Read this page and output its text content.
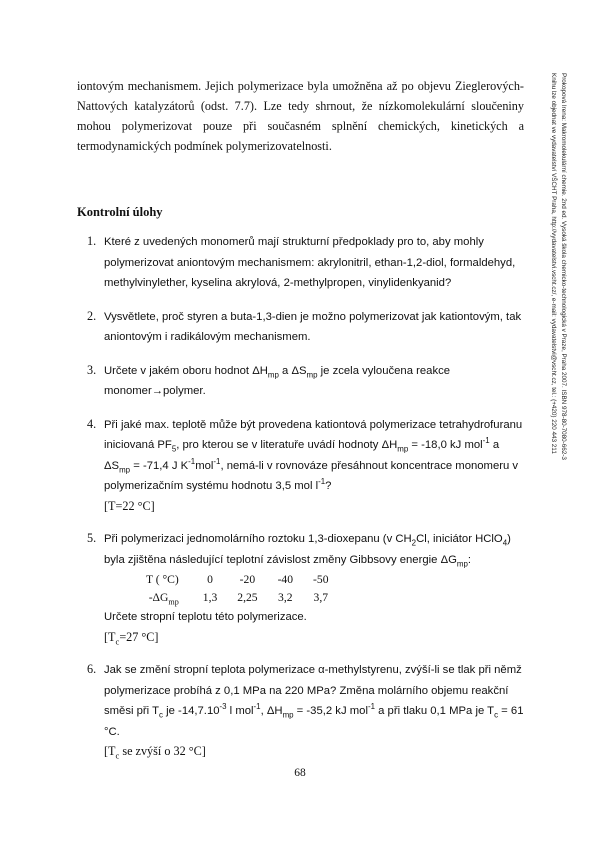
iontovým mechanismem. Jejich polymerizace byla umožněna až po objevu Zieglerových-Nattových katalyzátorů (odst. 7.7). Lze tedy shrnout, že nízkomolekulární sloučeniny mohou polymerizovat pouze při současném splnění chemických, kinetických a termodynamických podmínek polymerizovatelnosti.

Kontrolní úlohy
1. Které z uvedených monomerů mají strukturní předpoklady pro to, aby mohly polymerizovat aniontovým mechanismem: akrylonitril, ethan-1,2-diol, formaldehyd, methylvinylether, kyselina akrylová, 2-methylpropen, vinylidenkyanid?
2. Vysvětlete, proč styren a buta-1,3-dien je možno polymerizovat jak kationtovým, tak aniontovým i radikálovým mechanismem.
3. Určete v jakém oboru hodnot $\Delta H_{mp}$ a $\Delta S_{mp}$ je zcela vyloučena reakce monomer→polymer.
4. Při jaké max. teplotě může být provedena kationtová polymerizace tetrahydrofuranu iniciovaná $PF_5$, pro kterou se v literatuře uvádí hodnoty $\Delta H_{mp} = -18,0$ kJ mol$^{-1}$ a $\Delta S_{mp} = -71,4$ J $K^{-1}mol^{-1}$, nemá-li v rovnováze přesáhnout koncentrace monomeru v polymerizačním systému hodnotu 3,5 mol $l^{-1}$?
[T=22 °C]
5. Při polymerizaci jednomolárního roztoku 1,3-dioxepanu (v $CH_2Cl$, iniciátor HClO$_4$) byla zjištěna následující teplotní závislost změny Gibbsovy energie $\Delta G_{mp}$:
T ( °C)	0	-20	-40	-50
$-\Delta G_{mp}$	1,3	2,25	3,2	3,7
Určete stropní teplotu této polymerizace.
[$T_c=27$ °C]
6. Jak se změní stropní teplota polymerizace α-methylstyrenu, zvýší-li se tlak při němž polymerizace probíhá z 0,1 MPa na 220 MPa? Změna molárního objemu reakční směsi při $T_c$ je $-14,7.10^{-3}$ l mol$^{-1}$, $\Delta H_{mp} = -35,2$ kJ mol$^{-1}$ a při tlaku 0,1 MPa je $T_c = 61$ °C.
[$T_c$ se zvýší o 32 °C]
68
Prokopová Irena: Makromolekulární chemie. 2nd ed. Vysoká škola chemicko-technologická v Praze, Praha 2007. ISBN 978-80-7080-662-3
Knihu lze objednat ve vydavatelství VŠCHT Praha, http://vydavatelstvi.vscht.cz/, e-mail: vydavatelstvi@vscht.cz, tel.: (+420) 220 443 211
